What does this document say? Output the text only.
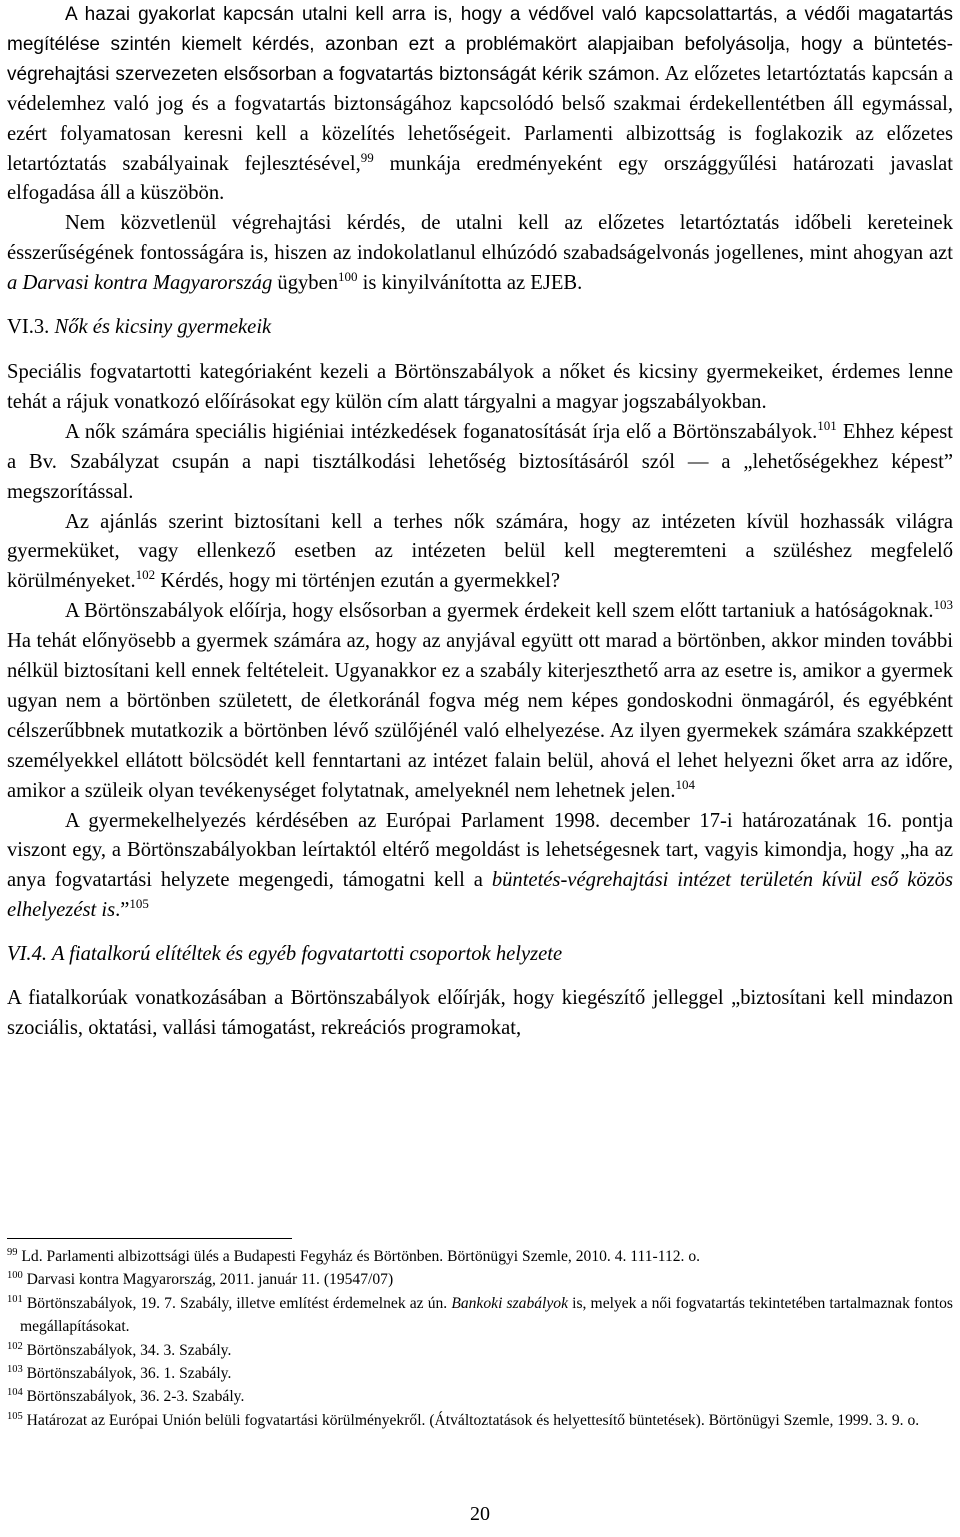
A hazai gyakorlat kapcsán utalni kell arra is, hogy a védővel való kapcsolattartás, a védői magatartás megítélése szintén kiemelt kérdés, azonban ezt a problémakört alapjaiban befolyásolja, hogy a büntetés-végrehajtási szervezeten elsősorban a fogvatartás biztonságát kérik számon. Az előzetes letartóztatás kapcsán a védelemhez való jog és a fogvatartás biztonságához kapcsolódó belső szakmai érdekellentétben áll egymással, ezért folyamatosan keresni kell a közelítés lehetőségeit. Parlamenti albizottság is foglakozik az előzetes letartóztatás szabályainak fejlesztésével,$^{99}$ munkája eredményeként egy országgyűlési határozati javaslat elfogadása áll a küszöbön.

Nem közvetlenül végrehajtási kérdés, de utalni kell az előzetes letartóztatás időbeli kereteinek ésszerűségének fontosságára is, hiszen az indokolatlanul elhúzódó szabadságelvonás jogellenes, mint ahogyan azt a Darvasi kontra Magyarország ügyben$^{100}$ is kinyilvánította az EJEB.

VI.3. Nők és kicsiny gyermekeik

Speciális fogvatartotti kategóriaként kezeli a Börtönszabályok a nőket és kicsiny gyermekeiket, érdemes lenne tehát a rájuk vonatkozó előírásokat egy külön cím alatt tárgyalni a magyar jogszabályokban.

A nők számára speciális higiéniai intézkedések foganatosítását írja elő a Börtönszabályok.$^{101}$ Ehhez képest a Bv. Szabályzat csupán a napi tisztálkodási lehetőség biztosításáról szól — a „lehetőségekhez képest” megszorítással.

Az ajánlás szerint biztosítani kell a terhes nők számára, hogy az intézeten kívül hozhassák világra gyermeküket, vagy ellenkező esetben az intézeten belül kell megteremteni a szüléshez megfelelő körülményeket.$^{102}$ Kérdés, hogy mi történjen ezután a gyermekkel?

A Börtönszabályok előírja, hogy elsősorban a gyermek érdekeit kell szem előtt tartaniuk a hatóságoknak.$^{103}$ Ha tehát előnyösebb a gyermek számára az, hogy az anyjával együtt ott marad a börtönben, akkor minden további nélkül biztosítani kell ennek feltételeit. Ugyanakkor ez a szabály kiterjeszthető arra az esetre is, amikor a gyermek ugyan nem a börtönben született, de életkoránál fogva még nem képes gondoskodni önmagáról, és egyébként célszerűbbnek mutatkozik a börtönben lévő szülőjénél való elhelyezése. Az ilyen gyermekek számára szakképzett személyekkel ellátott bölcsödét kell fenntartani az intézet falain belül, ahová el lehet helyezni őket arra az időre, amikor a szüleik olyan tevékenységet folytatnak, amelyeknél nem lehetnek jelen.$^{104}$

A gyermekelhelyezés kérdésében az Európai Parlament 1998. december 17-i határozatának 16. pontja viszont egy, a Börtönszabályokban leírtaktól eltérő megoldást is lehetségesnek tart, vagyis kimondja, hogy „ha az anya fogvatartási helyzete megengedi, támogatni kell a büntetés-végrehajtási intézet területén kívül eső közös elhelyezést is.”$^{105}$

VI.4. A fiatalkorú elítéltek és egyéb fogvatartotti csoportok helyzete

A fiatalkorúak vonatkozásában a Börtönszabályok előírják, hogy kiegészítő jelleggel „biztosítani kell mindazon szociális, oktatási, vallási támogatást, rekreációs programokat,

$^{99}$ Ld. Parlamenti albizottsági ülés a Budapesti Fegyház és Börtönben. Börtönügyi Szemle, 2010. 4. 111-112. o.

$^{100}$ Darvasi kontra Magyarország, 2011. január 11. (19547/07)

$^{101}$ Börtönszabályok, 19. 7. Szabály, illetve említést érdemelnek az ún. Bankoki szabályok is, melyek a női fogvatartás tekintetében tartalmaznak fontos megállapításokat.

$^{102}$ Börtönszabályok, 34. 3. Szabály.

$^{103}$ Börtönszabályok, 36. 1. Szabály.

$^{104}$ Börtönszabályok, 36. 2-3. Szabály.

$^{105}$ Határozat az Európai Unión belüli fogvatartási körülményekről. (Átváltoztatások és helyettesítő büntetések). Börtönügyi Szemle, 1999. 3. 9. o.

20
